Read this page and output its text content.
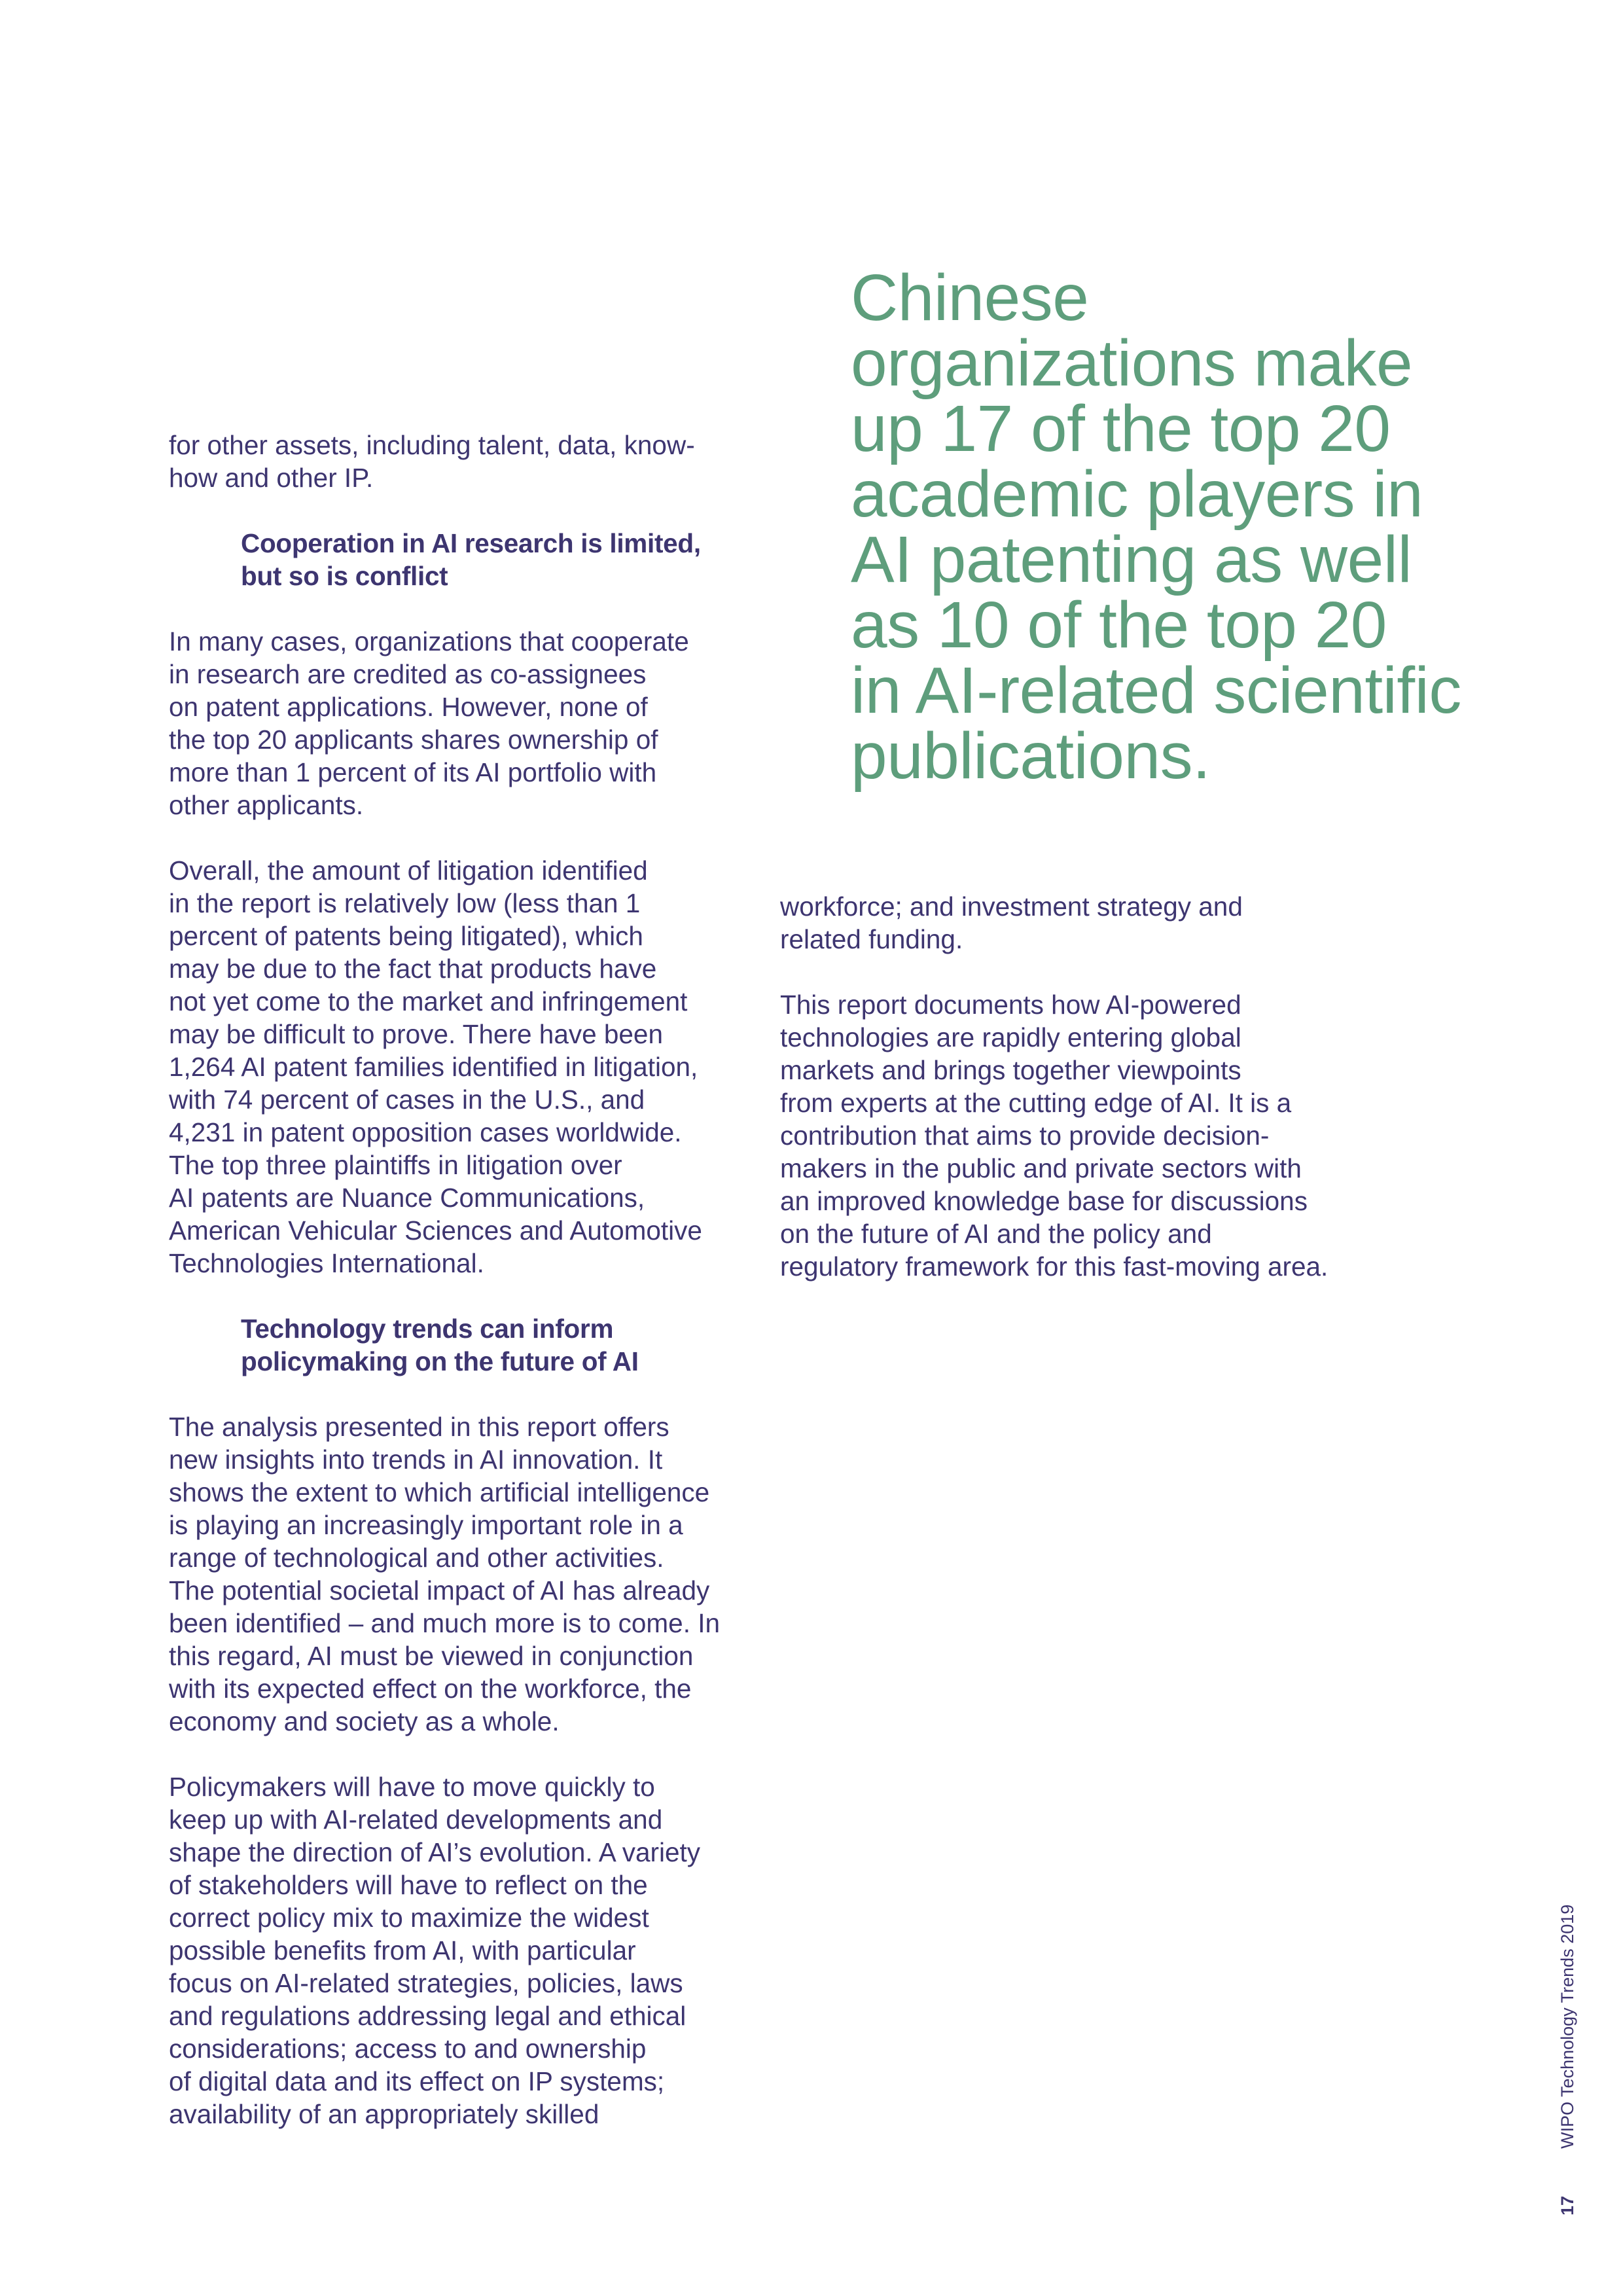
for other assets, including talent, data, know-
how and other IP.

Cooperation in AI research is limited,
but so is conflict

In many cases, organizations that cooperate
in research are credited as co-assignees
on patent applications. However, none of
the top 20 applicants shares ownership of
more than 1 percent of its AI portfolio with
other applicants.

Overall, the amount of litigation identified
in the report is relatively low (less than 1
percent of patents being litigated), which
may be due to the fact that products have
not yet come to the market and infringement
may be difficult to prove. There have been
1,264 AI patent families identified in litigation,
with 74 percent of cases in the U.S., and
4,231 in patent opposition cases worldwide.
The top three plaintiffs in litigation over
AI patents are Nuance Communications,
American Vehicular Sciences and Automotive
Technologies International.

Technology trends can inform
policymaking on the future of AI

The analysis presented in this report offers
new insights into trends in AI innovation. It
shows the extent to which artificial intelligence
is playing an increasingly important role in a
range of technological and other activities.
The potential societal impact of AI has already
been identified – and much more is to come. In
this regard, AI must be viewed in conjunction
with its expected effect on the workforce, the
economy and society as a whole.

Policymakers will have to move quickly to
keep up with AI-related developments and
shape the direction of AI’s evolution. A variety
of stakeholders will have to reflect on the
correct policy mix to maximize the widest
possible benefits from AI, with particular
focus on AI-related strategies, policies, laws
and regulations addressing legal and ethical
considerations; access to and ownership
of digital data and its effect on IP systems;
availability of an appropriately skilled

Chinese
organizations make
up 17 of the top 20
academic players in
AI patenting as well
as 10 of the top 20
in AI-related scientific
publications.

workforce; and investment strategy and
related funding.

This report documents how AI-powered
technologies are rapidly entering global
markets and brings together viewpoints
from experts at the cutting edge of AI. It is a
contribution that aims to provide decision-
makers in the public and private sectors with
an improved knowledge base for discussions
on the future of AI and the policy and
regulatory framework for this fast-moving area.

17WIPO Technology Trends 2019
